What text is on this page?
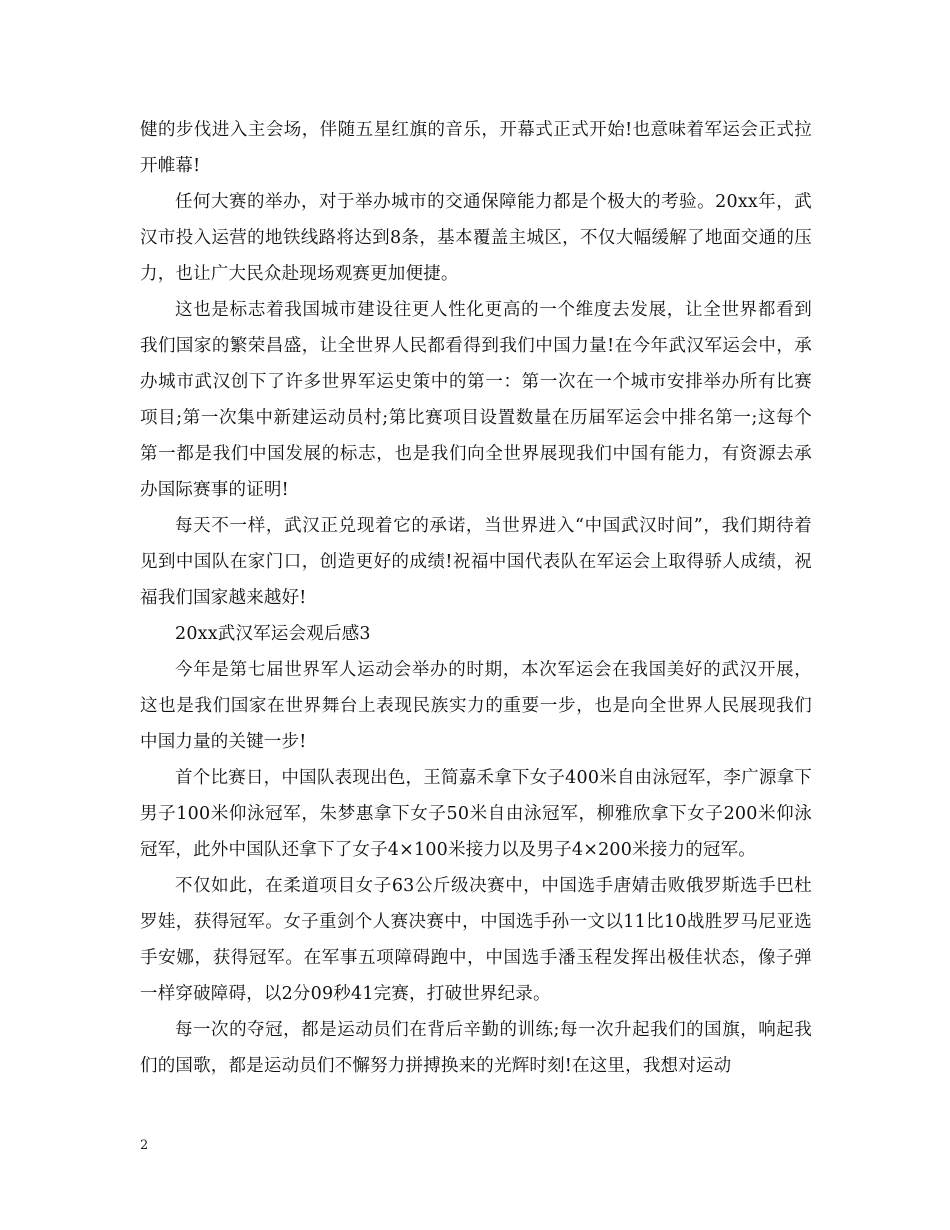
健的步伐进入主会场，伴随五星红旗的音乐，开幕式正式开始!也意味着军运会正式拉开帷幕!

任何大赛的举办，对于举办城市的交通保障能力都是个极大的考验。20xx年，武汉市投入运营的地铁线路将达到8条，基本覆盖主城区，不仅大幅缓解了地面交通的压力，也让广大民众赴现场观赛更加便捷。

这也是标志着我国城市建设往更人性化更高的一个维度去发展，让全世界都看到我们国家的繁荣昌盛，让全世界人民都看得到我们中国力量!在今年武汉军运会中，承办城市武汉创下了许多世界军运史策中的第一：第一次在一个城市安排举办所有比赛项目;第一次集中新建运动员村;第比赛项目设置数量在历届军运会中排名第一;这每个第一都是我们中国发展的标志，也是我们向全世界展现我们中国有能力，有资源去承办国际赛事的证明!

每天不一样，武汉正兑现着它的承诺，当世界进入“中国武汉时间”，我们期待着见到中国队在家门口，创造更好的成绩!祝福中国代表队在军运会上取得骄人成绩，祝福我们国家越来越好!

20xx武汉军运会观后感3

今年是第七届世界军人运动会举办的时期，本次军运会在我国美好的武汉开展，这也是我们国家在世界舞台上表现民族实力的重要一步，也是向全世界人民展现我们中国力量的关键一步!

首个比赛日，中国队表现出色，王简嘉禾拿下女子400米自由泳冠军，李广源拿下男子100米仰泳冠军，朱梦惠拿下女子50米自由泳冠军，柳雅欣拿下女子200米仰泳冠军，此外中国队还拿下了女子4×100米接力以及男子4×200米接力的冠军。

不仅如此，在柔道项目女子63公斤级决赛中，中国选手唐婧击败俄罗斯选手巴杜罗娃，获得冠军。女子重剑个人赛决赛中，中国选手孙一文以11比10战胜罗马尼亚选手安娜，获得冠军。在军事五项障碍跑中，中国选手潘玉程发挥出极佳状态，像子弹一样穿破障碍，以2分09秒41完赛，打破世界纪录。

每一次的夺冠，都是运动员们在背后辛勤的训练;每一次升起我们的国旗，响起我们的国歌，都是运动员们不懈努力拼搏换来的光辉时刻!在这里，我想对运动

2
